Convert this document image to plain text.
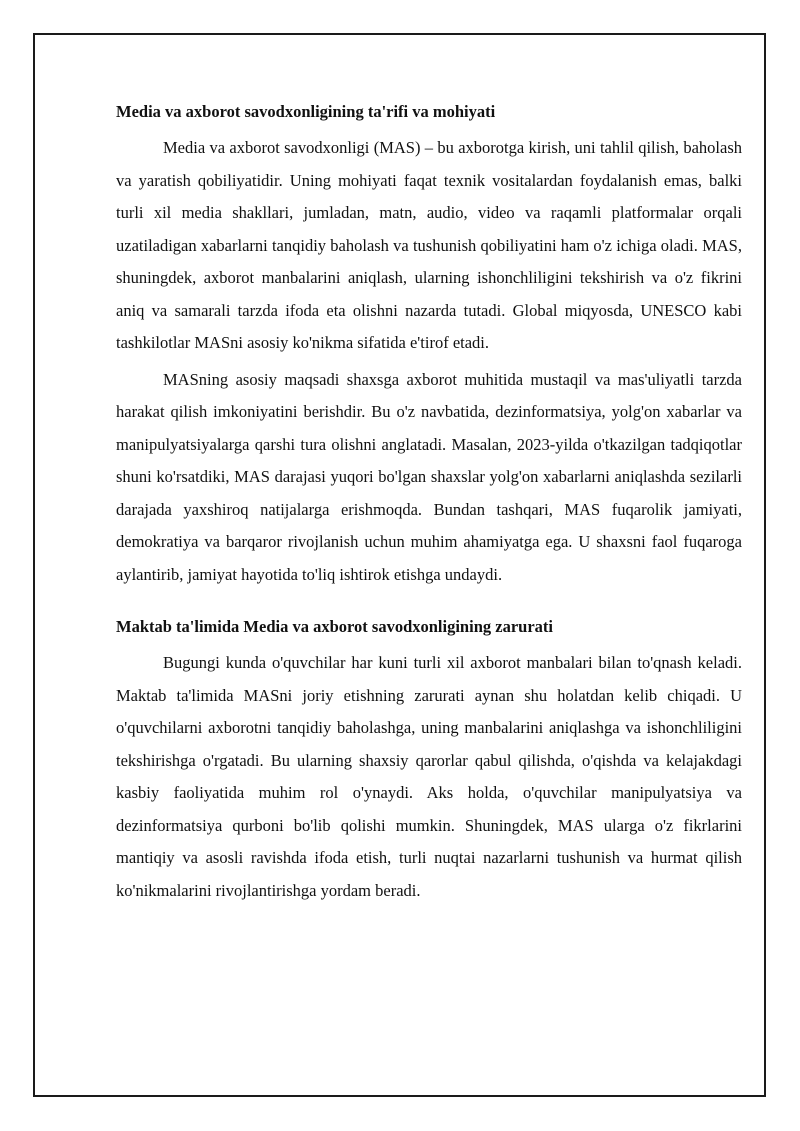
Media va axborot savodxonligining ta'rifi va mohiyati

Media va axborot savodxonligi (MAS) – bu axborotga kirish, uni tahlil qilish, baholash va yaratish qobiliyatidir. Uning mohiyati faqat texnik vositalardan foydalanish emas, balki turli xil media shakllari, jumladan, matn, audio, video va raqamli platformalar orqali uzatiladigan xabarlarni tanqidiy baholash va tushunish qobiliyatini ham o'z ichiga oladi. MAS, shuningdek, axborot manbalarini aniqlash, ularning ishonchliligini tekshirish va o'z fikrini aniq va samarali tarzda ifoda eta olishni nazarda tutadi. Global miqyosda, UNESCO kabi tashkilotlar MASni asosiy ko'nikma sifatida e'tirof etadi.

MASning asosiy maqsadi shaxsga axborot muhitida mustaqil va mas'uliyatli tarzda harakat qilish imkoniyatini berishdir. Bu o'z navbatida, dezinformatsiya, yolg'on xabarlar va manipulyatsiyalarga qarshi tura olishni anglatadi. Masalan, 2023-yilda o'tkazilgan tadqiqotlar shuni ko'rsatdiki, MAS darajasi yuqori bo'lgan shaxslar yolg'on xabarlarni aniqlashda sezilarli darajada yaxshiroq natijalarga erishmoqda. Bundan tashqari, MAS fuqarolik jamiyati, demokratiya va barqaror rivojlanish uchun muhim ahamiyatga ega. U shaxsni faol fuqaroga aylantirib, jamiyat hayotida to'liq ishtirok etishga undaydi.

Maktab ta'limida Media va axborot savodxonligining zarurati

Bugungi kunda o'quvchilar har kuni turli xil axborot manbalari bilan to'qnash keladi. Maktab ta'limida MASni joriy etishning zarurati aynan shu holatdan kelib chiqadi. U o'quvchilarni axborotni tanqidiy baholashga, uning manbalarini aniqlashga va ishonchliligini tekshirishga o'rgatadi. Bu ularning shaxsiy qarorlar qabul qilishda, o'qishda va kelajakdagi kasbiy faoliyatida muhim rol o'ynaydi. Aks holda, o'quvchilar manipulyatsiya va dezinformatsiya qurboni bo'lib qolishi mumkin. Shuningdek, MAS ularga o'z fikrlarini mantiqiy va asosli ravishda ifoda etish, turli nuqtai nazarlarni tushunish va hurmat qilish ko'nikmalarini rivojlantirishga yordam beradi.
